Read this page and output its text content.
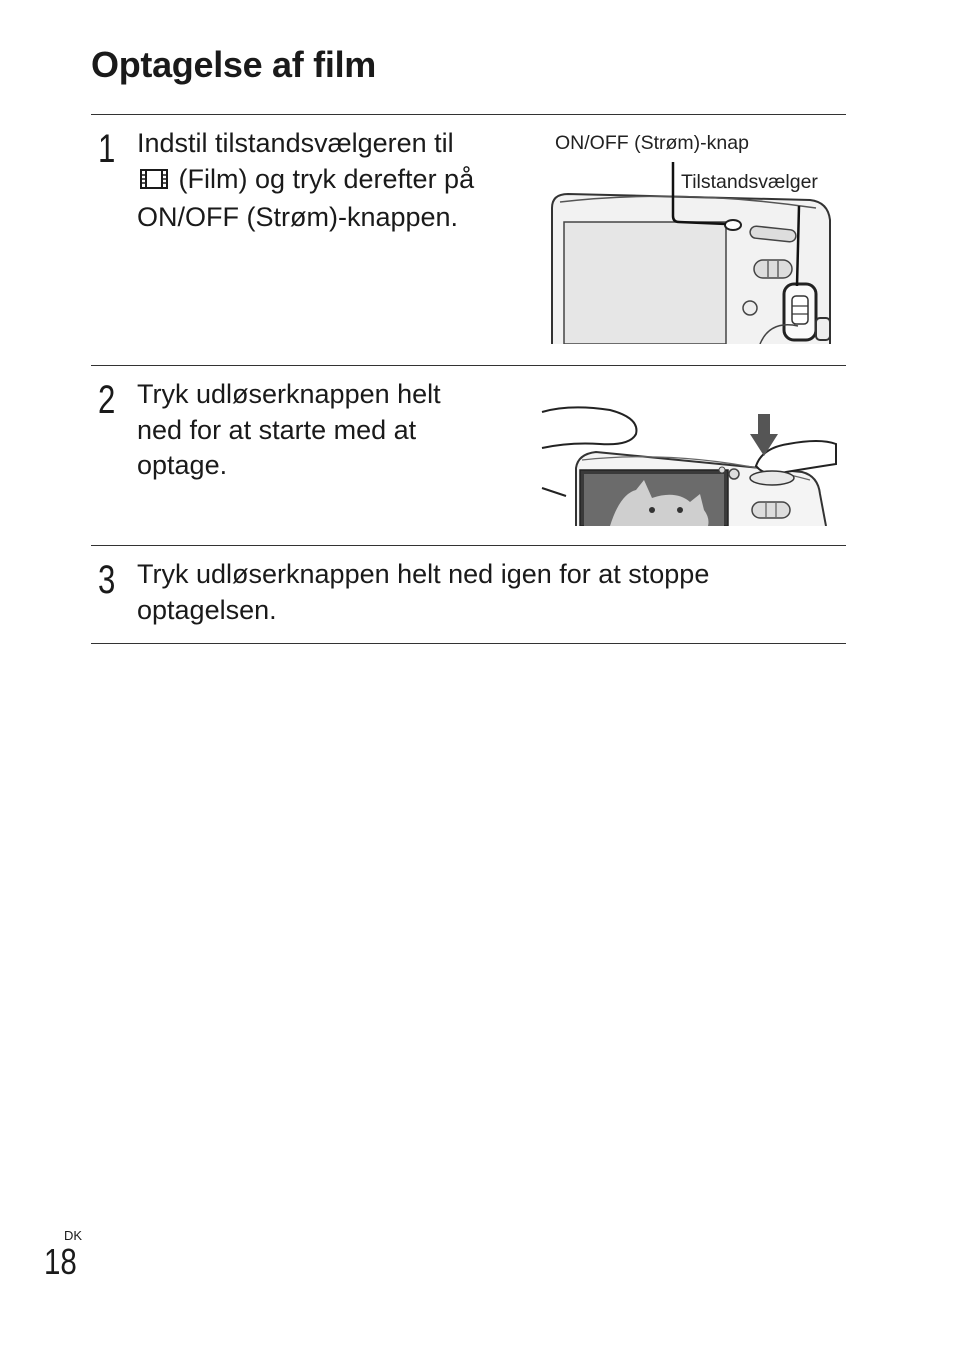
Optagelse af film
1 Indstil tilstandsvælgeren til  (Film) og tryk derefter på ON/OFF (Strøm)-knappen.
ON/OFF (Strøm)-knap
Tilstandsvælger
2 Tryk udløserknappen helt ned for at starte med at optage.

3 Tryk udløserknappen helt ned igen for at stoppe optagelsen.

DK
18
